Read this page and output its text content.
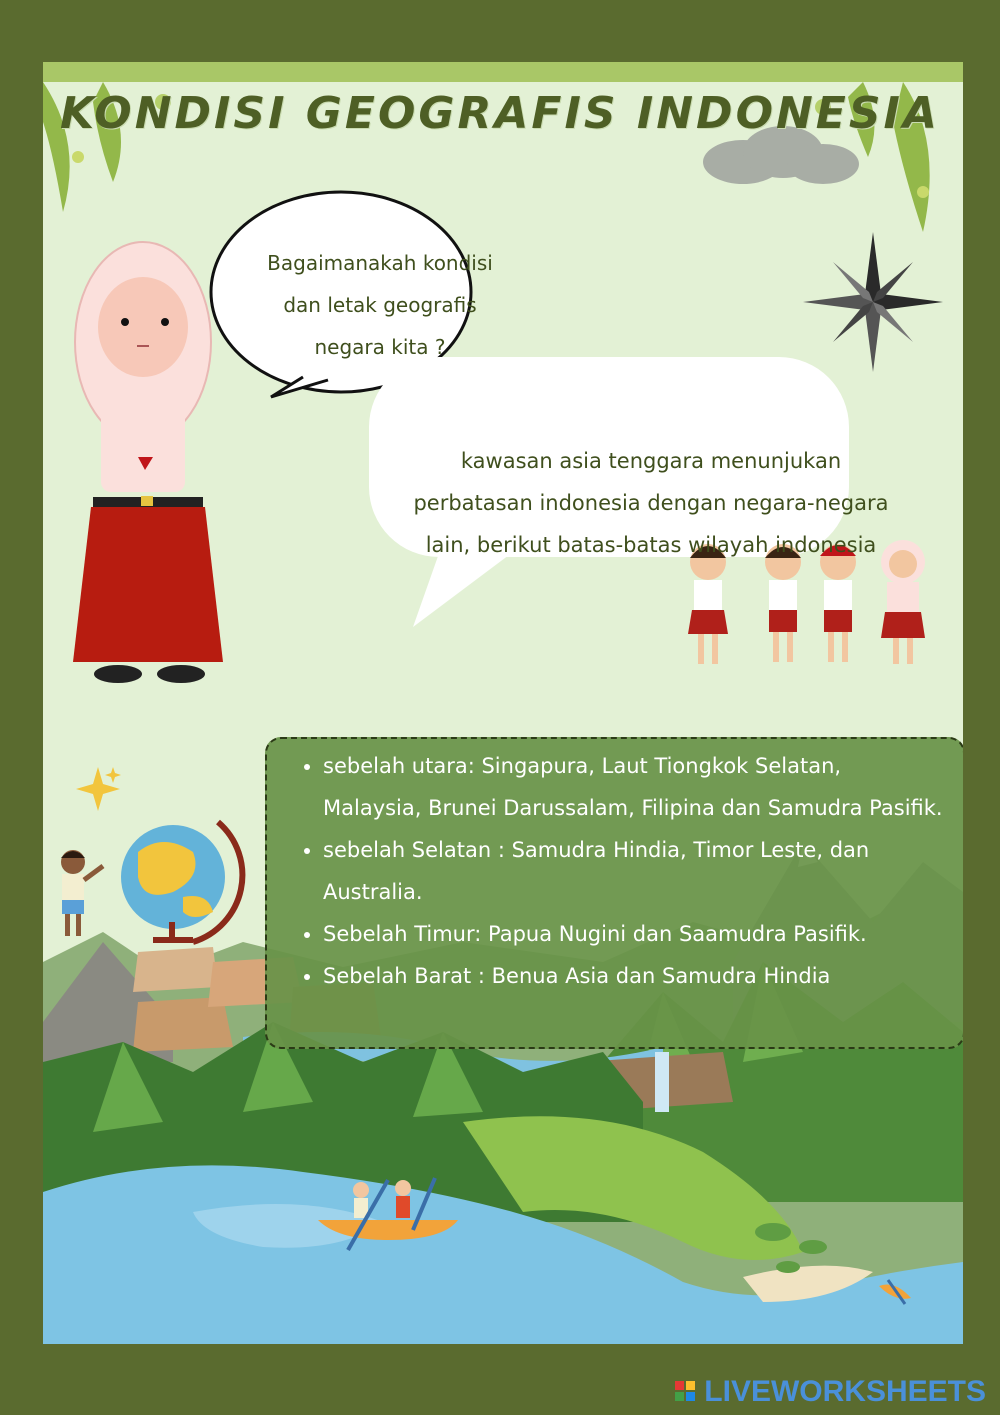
Bagaimanakah kondisi dan letak geografis negara kita ?
kawasan asia tenggara menunjukan perbatasan indonesia dengan negara-negara lain, berikut batas-batas wilayah indonesia
• sebelah utara: Singapura, Laut Tiongkok Selatan, Malaysia, Brunei Darussalam, Filipina dan Samudra Pasifik.
• sebelah Selatan : Samudra Hindia, Timor Leste, dan Australia.
• Sebelah Timur: Papua Nugini dan Saamudra Pasifik.
• Sebelah Barat : Benua Asia dan Samudra Hindia
KONDISI GEOGRAFIS INDONESIA

LIVEWORKSHEETS
